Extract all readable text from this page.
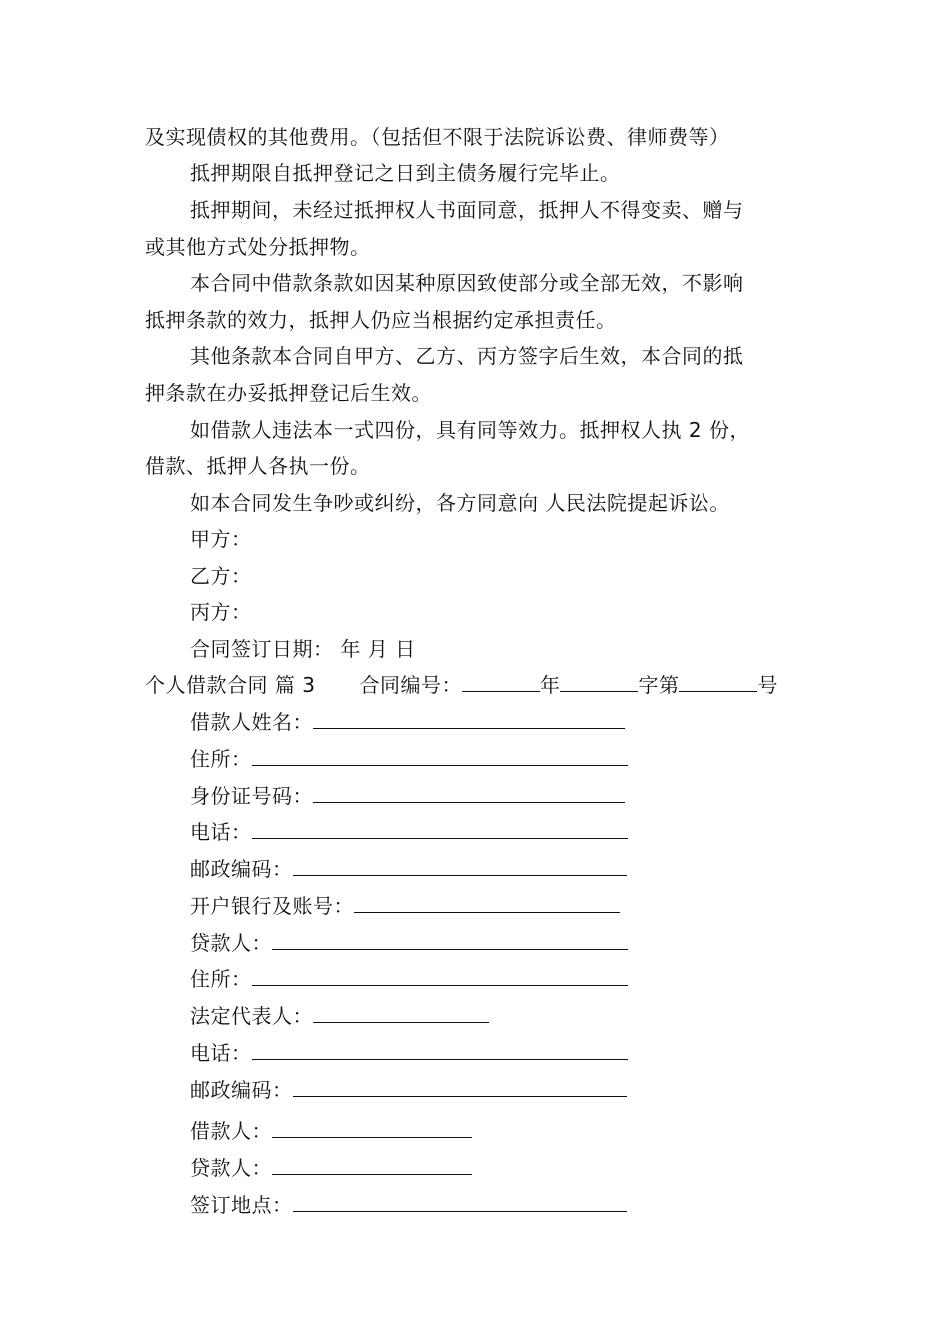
及实现债权的其他费用。（包括但不限于法院诉讼费、律师费等）
抵押期限自抵押登记之日到主债务履行完毕止。
抵押期间，未经过抵押权人书面同意，抵押人不得变卖、赠与
或其他方式处分抵押物。
本合同中借款条款如因某种原因致使部分或全部无效，不影响
抵押条款的效力，抵押人仍应当根据约定承担责任。
其他条款本合同自甲方、乙方、丙方签字后生效，本合同的抵
押条款在办妥抵押登记后生效。
如借款人违法本一式四份，具有同等效力。抵押权人执 2 份，
借款、抵押人各执一份。
如本合同发生争吵或纠纷，各方同意向 人民法院提起诉讼。
甲方：
乙方：
丙方：
合同签订日期： 年 月 日
个人借款合同 篇 3 合同编号：	年	字第	号
借款人姓名：
住所：
身份证号码：
电话：
邮政编码：
开户银行及账号：
贷款人：
住所：
法定代表人：
电话：
邮政编码：
借款人：
贷款人：
签订地点：
